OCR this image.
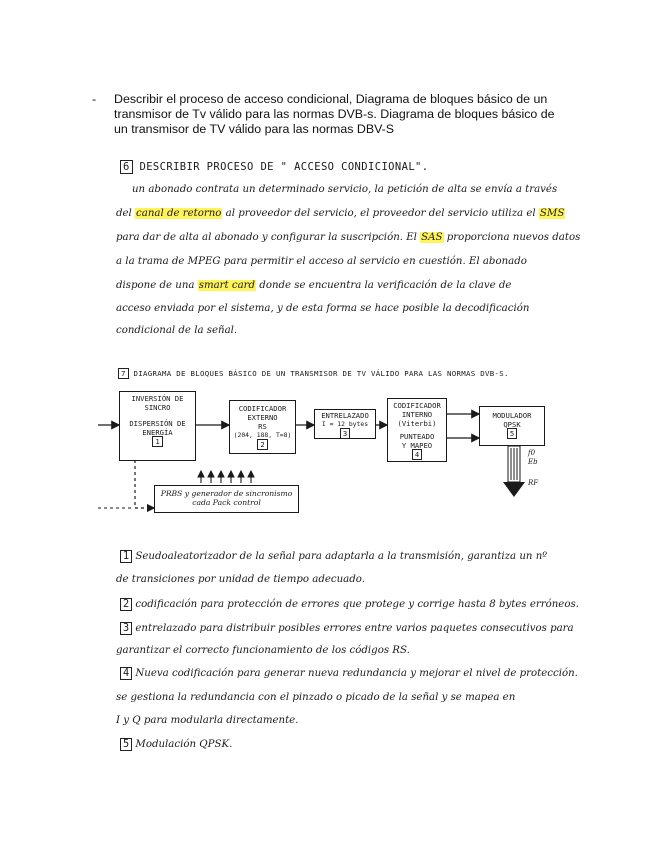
- Describir el proceso de acceso condicional, Diagrama de bloques básico de un transmisor de Tv válido para las normas DVB-s. Diagrama de bloques básico de un transmisor de TV válido para las normas DBV-S
6 DESCRIBIR PROCESO DE " ACCESO CONDICIONAL".
un abonado contrata un determinado servicio, la petición de alta se envía a través
del canal de retorno al proveedor del servicio, el proveedor del servicio utiliza el SMS
para dar de alta al abonado y configurar la suscripción. El SAS proporciona nuevos datos
a la trama de MPEG para permitir el acceso al servicio en cuestión. El abonado
dispone de una smart card donde se encuentra la verificación de la clave de
acceso enviada por el sistema, y de esta forma se hace posible la decodificación
condicional de la señal.
7 DIAGRAMA DE BLOQUES BÁSICO DE UN TRANSMISOR DE TV VÁLIDO PARA LAS NORMAS DVB-S.
INVERSIÓN DE
SINCRO
DISPERSIÓN DE
ENERGÍA
1
CODIFICADOR
EXTERNO
RS
(204, 188, T=8)
2
ENTRELAZADO
I = 12 bytes
3
CODIFICADOR
INTERNO
(Viterbi)
PUNTEADO
Y MAPEO
4
MODULADOR
QPSK
5
PRBS y generador de sincronismo
cada Pack control
f0
Eb
RF
1 Seudoaleatorizador de la señal para adaptarla a la transmisión, garantiza un nº
de transiciones por unidad de tiempo adecuado.
2 codificación para protección de errores que protege y corrige hasta 8 bytes erróneos.
3 entrelazado para distribuir posibles errores entre varios paquetes consecutivos para
garantizar el correcto funcionamiento de los códigos RS.
4 Nueva codificación para generar nueva redundancia y mejorar el nivel de protección.
se gestiona la redundancia con el pinzado o picado de la señal y se mapea en
I y Q para modularla directamente.
5 Modulación QPSK.
